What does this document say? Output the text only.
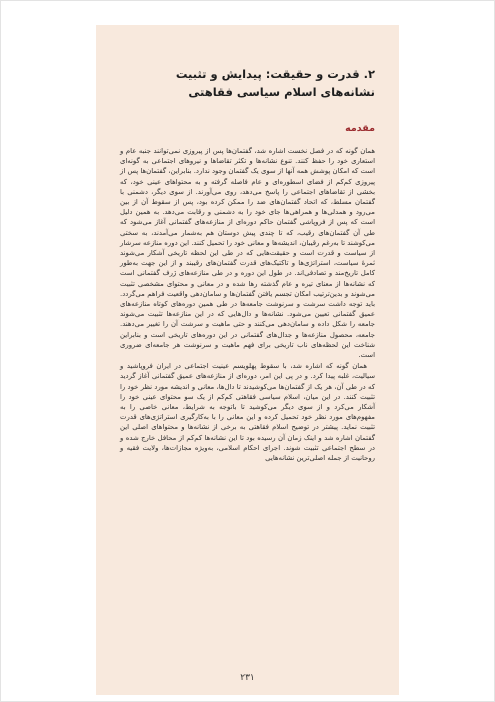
۲. قدرت و حقیقت: پیدایش و تثبیت نشانه‌های اسلام سیاسی فقاهتی
مقدمه

همان گونه که در فصل نخست اشاره شد، گفتمان‌ها پس از پیروزی نمی‌توانند جنبه عام و استعاری خود را حفظ کنند. تنوع نشانه‌ها و تکثر تقاضاها و نیروهای اجتماعی به گونه‌ای است که امکان پوشش همه آنها از سوی یک گفتمان وجود ندارد. بنابراین، گفتمان‌ها پس از پیروزی کم‌کم از فضای اسطوره‌ای و عام فاصله گرفته و به محتواهای عینی خود، که بخشی از تقاضاهای اجتماعی را پاسخ می‌دهد، روی می‌آورند. از سوی دیگر، دشمنی با گفتمان مسلط، که اتحاد گفتمان‌های ضد را ممکن کرده بود، پس از سقوط آن از بین می‌رود و همدلی‌ها و همراهی‌ها جای خود را به دشمنی و رقابت می‌دهد. به همین دلیل است که پس از فروپاشی گفتمان حاکم دوره‌ای از منازعه‌های گفتمانی آغاز می‌شود که طی آن گفتمان‌های رقیب، که تا چندی پیش دوستان هم به‌شمار می‌آمدند، به سختی می‌کوشند تا به‌رغم رقیبان، اندیشه‌ها و معانی خود را تحمیل کنند. این دوره منازعه سرشار از سیاست و قدرت است و حقیقت‌هایی که در طی این لحظه تاریخی آشکار می‌شوند ثمرهٔ سیاست، استراتژی‌ها و تاکتیک‌های قدرت گفتمان‌های رقیبند و از این جهت به‌طور کامل تاریخ‌مند و تصادفی‌اند. در طول این دوره و در طی منازعه‌های ژرف گفتمانی است که نشانه‌ها از معنای تیره و عام گذشته رها شده و در معانی و محتوای مشخصی تثبیت می‌شوند و بدین‌ترتیب امکان تجسم یافتن گفتمان‌ها و سامان‌دهی واقعیت فراهم می‌گردد. باید توجه داشت سرشت و سرنوشت جامعه‌ها در طی همین دوره‌های کوتاه منازعه‌های عمیق گفتمانی تعیین می‌شود. نشانه‌ها و دال‌هایی که در این منازعه‌ها تثبیت می‌شوند جامعه را شکل داده و سامان‌دهی می‌کنند و حتی ماهیت و سرشت آن را تغییر می‌دهند. جامعه، محصول منازعه‌ها و جدال‌های گفتمانی در این دوره‌های تاریخی است و بنابراین شناخت این لحظه‌های ناب تاریخی برای فهم ماهیت و سرنوشت هر جامعه‌ای ضروری است.

همان گونه که اشاره شد، با سقوط پهلویسم عینیت اجتماعی در ایران فروپاشید و سیالیت، غلبه پیدا کرد. و در پی این امر، دوره‌ای از منازعه‌های عمیق گفتمانی آغاز گردید که در طی آن، هر یک از گفتمان‌ها می‌کوشیدند تا دال‌ها، معانی و اندیشه مورد نظر خود را تثبیت کنند. در این میان، اسلام سیاسی فقاهتی کم‌کم از یک سو محتوای عینی خود را آشکار می‌کرد و از سوی دیگر می‌کوشید تا باتوجه به شرایط، معانی خاصی را به مفهوم‌های مورد نظر خود تحمیل کرده و این معانی را با به‌کارگیری استراتژی‌های قدرت تثبیت نماید. پیشتر در توضیح اسلام فقاهتی به برخی از نشانه‌ها و محتواهای اصلی این گفتمان اشاره شد و اینک زمان آن رسیده بود تا این نشانه‌ها کم‌کم از محافل خارج شده و در سطح اجتماعی تثبیت شوند. اجرای احکام اسلامی، به‌ویژه مجازات‌ها، ولایت فقیه و روحانیت از جمله اصلی‌ترین نشانه‌هایی

۲۳۱
